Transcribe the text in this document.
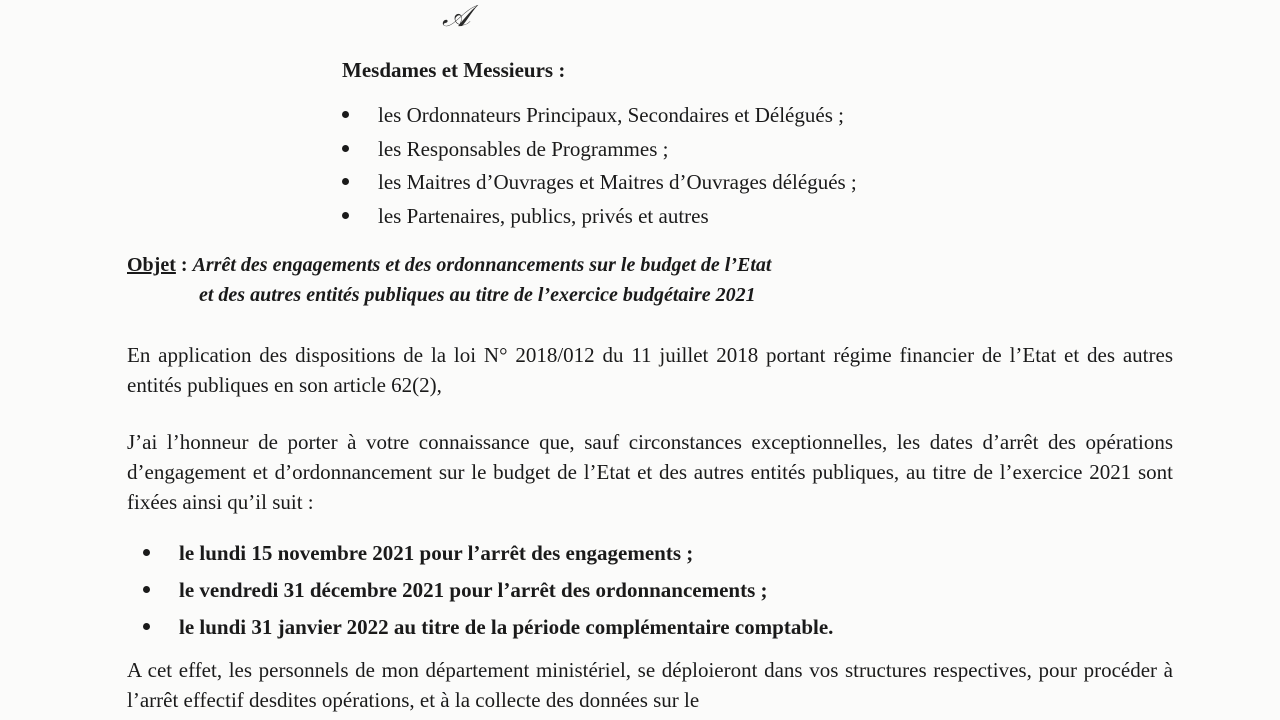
𝒜
Mesdames et Messieurs :
les Ordonnateurs Principaux, Secondaires et Délégués ;
les Responsables de Programmes ;
les Maitres d’Ouvrages et Maitres d’Ouvrages délégués ;
les Partenaires, publics, privés et autres
Objet : Arrêt des engagements et des ordonnancements sur le budget de l’Etat
et des autres entités publiques au titre de l’exercice budgétaire 2021

En application des dispositions de la loi N° 2018/012 du 11 juillet 2018 portant régime financier de l’Etat et des autres entités publiques en son article 62(2),

J’ai l’honneur de porter à votre connaissance que, sauf circonstances exceptionnelles, les dates d’arrêt des opérations d’engagement et d’ordonnancement sur le budget de l’Etat et des autres entités publiques, au titre de l’exercice 2021 sont fixées ainsi qu’il suit :

le lundi 15 novembre 2021 pour l’arrêt des engagements ;
le vendredi 31 décembre 2021 pour l’arrêt des ordonnancements ;
le lundi 31 janvier 2022 au titre de la période complémentaire comptable.

A cet effet, les personnels de mon département ministériel, se déploieront dans vos structures respectives, pour procéder à l’arrêt effectif desdites opérations, et à la collecte des données sur le
